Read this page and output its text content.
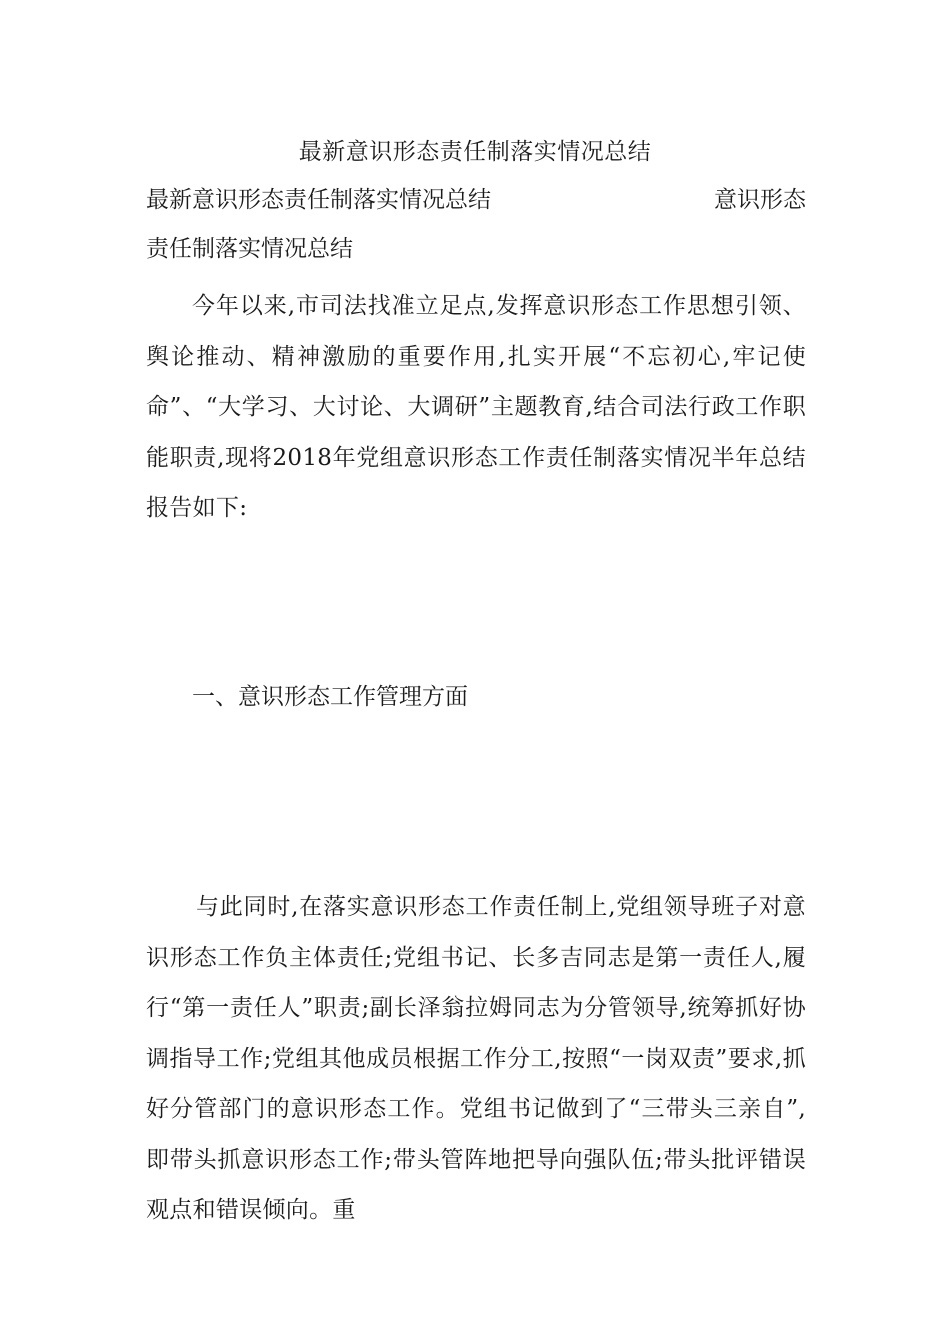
最新意识形态责任制落实情况总结
最新意识形态责任制落实情况总结	意识形态
责任制落实情况总结

今年以来,市司法找准立足点,发挥意识形态工作思想引领、舆论推动、精神激励的重要作用,扎实开展“不忘初心,牢记使命”、“大学习、大讨论、大调研”主题教育,结合司法行政工作职能职责,现将2018年党组意识形态工作责任制落实情况半年总结报告如下:

一、意识形态工作管理方面

与此同时,在落实意识形态工作责任制上,党组领导班子对意识形态工作负主体责任;党组书记、长多吉同志是第一责任人,履行“第一责任人”职责;副长泽翁拉姆同志为分管领导,统筹抓好协调指导工作;党组其他成员根据工作分工,按照“一岗双责”要求,抓好分管部门的意识形态工作。党组书记做到了“三带头三亲自”,即带头抓意识形态工作;带头管阵地把导向强队伍;带头批评错误观点和错误倾向。重
